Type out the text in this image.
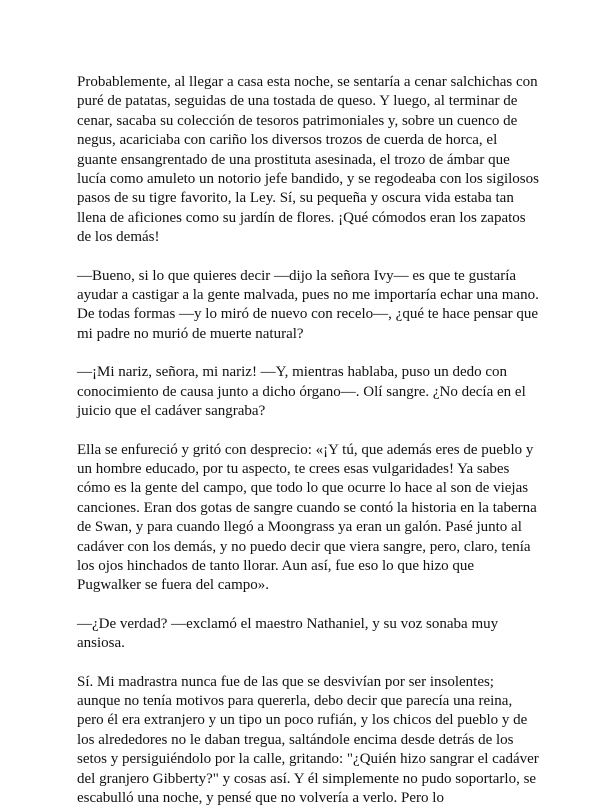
Probablemente, al llegar a casa esta noche, se sentaría a cenar salchichas con puré de patatas, seguidas de una tostada de queso. Y luego, al terminar de cenar, sacaba su colección de tesoros patrimoniales y, sobre un cuenco de negus, acariciaba con cariño los diversos trozos de cuerda de horca, el guante ensangrentado de una prostituta asesinada, el trozo de ámbar que lucía como amuleto un notorio jefe bandido, y se regodeaba con los sigilosos pasos de su tigre favorito, la Ley. Sí, su pequeña y oscura vida estaba tan llena de aficiones como su jardín de flores. ¡Qué cómodos eran los zapatos de los demás!

—Bueno, si lo que quieres decir —dijo la señora Ivy— es que te gustaría ayudar a castigar a la gente malvada, pues no me importaría echar una mano. De todas formas —y lo miró de nuevo con recelo—, ¿qué te hace pensar que mi padre no murió de muerte natural?

—¡Mi nariz, señora, mi nariz! —Y, mientras hablaba, puso un dedo con conocimiento de causa junto a dicho órgano—. Olí sangre. ¿No decía en el juicio que el cadáver sangraba?

Ella se enfureció y gritó con desprecio: «¡Y tú, que además eres de pueblo y un hombre educado, por tu aspecto, te crees esas vulgaridades! Ya sabes cómo es la gente del campo, que todo lo que ocurre lo hace al son de viejas canciones. Eran dos gotas de sangre cuando se contó la historia en la taberna de Swan, y para cuando llegó a Moongrass ya eran un galón. Pasé junto al cadáver con los demás, y no puedo decir que viera sangre, pero, claro, tenía los ojos hinchados de tanto llorar. Aun así, fue eso lo que hizo que Pugwalker se fuera del campo».

—¿De verdad? —exclamó el maestro Nathaniel, y su voz sonaba muy ansiosa.

Sí. Mi madrastra nunca fue de las que se desvivían por ser insolentes; aunque no tenía motivos para quererla, debo decir que parecía una reina, pero él era extranjero y un tipo un poco rufián, y los chicos del pueblo y de los alrededores no le daban tregua, saltándole encima desde detrás de los setos y persiguiéndolo por la calle, gritando: "¿Quién hizo sangrar el cadáver del granjero Gibberty?" y cosas así. Y él simplemente no pudo soportarlo, se escabulló una noche, y pensé que no volvería a verlo. Pero lo
